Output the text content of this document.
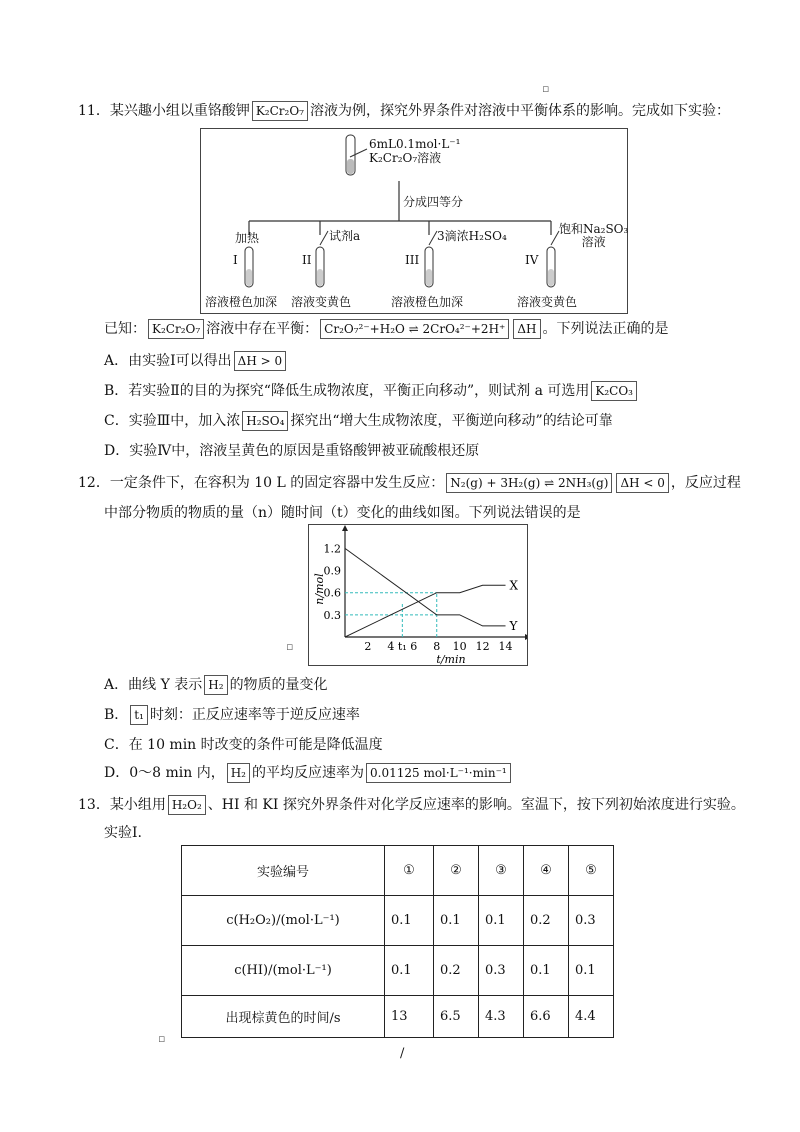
▫
11．某兴趣小组以重铬酸钾 K₂Cr₂O₇ 溶液为例，探究外界条件对溶液中平衡体系的影响。完成如下实验：
6mL0.1mol·L⁻¹
K₂Cr₂O₇溶液
分成四等分
加热	试剂a	3滴浓H₂SO₄	饱和Na₂SO₃
溶液
I	II	III	IV
溶液橙色加深 溶液变黄色	溶液橙色加深	溶液变黄色
已知： K₂Cr₂O₇ 溶液中存在平衡： Cr₂O₇²⁻+H₂O ⇌ 2CrO₄²⁻+2H⁺ ΔH 。下列说法正确的是
A．由实验Ⅰ可以得出 ΔH > 0
B．若实验Ⅱ的目的为探究“降低生成物浓度，平衡正向移动”，则试剂 a 可选用 K₂CO₃
C．实验Ⅲ中，加入浓 H₂SO₄ 探究出“增大生成物浓度，平衡逆向移动”的结论可靠
D．实验Ⅳ中，溶液呈黄色的原因是重铬酸钾被亚硫酸根还原
12．一定条件下，在容积为 10 L 的固定容器中发生反应： N₂(g) + 3H₂(g) ⇌ 2NH₃(g) ΔH < 0 ，反应过程
中部分物质的物质的量（n）随时间（t）变化的曲线如图。下列说法错误的是
1.2
0.9
0.6
0.3
2 4 t₁ 6 8 10 12 14
X
Y
n/mol
t/min
▫
A．曲线 Y 表示 H₂ 的物质的量变化
B． t₁ 时刻：正反应速率等于逆反应速率
C．在 10 min 时改变的条件可能是降低温度
D．0～8 min 内， H₂ 的平均反应速率为 0.01125 mol·L⁻¹·min⁻¹
13．某小组用 H₂O₂ 、HI 和 KI 探究外界条件对化学反应速率的影响。室温下，按下列初始浓度进行实验。
实验Ⅰ.
实验编号	①	②	③	④	⑤
c(H₂O₂)/(mol·L⁻¹)	0.1	0.1	0.1	0.2	0.3
c(HI)/(mol·L⁻¹)	0.1	0.2	0.3	0.1	0.1
出现棕黄色的时间/s	13	6.5	4.3	6.6	4.4
▫
/
